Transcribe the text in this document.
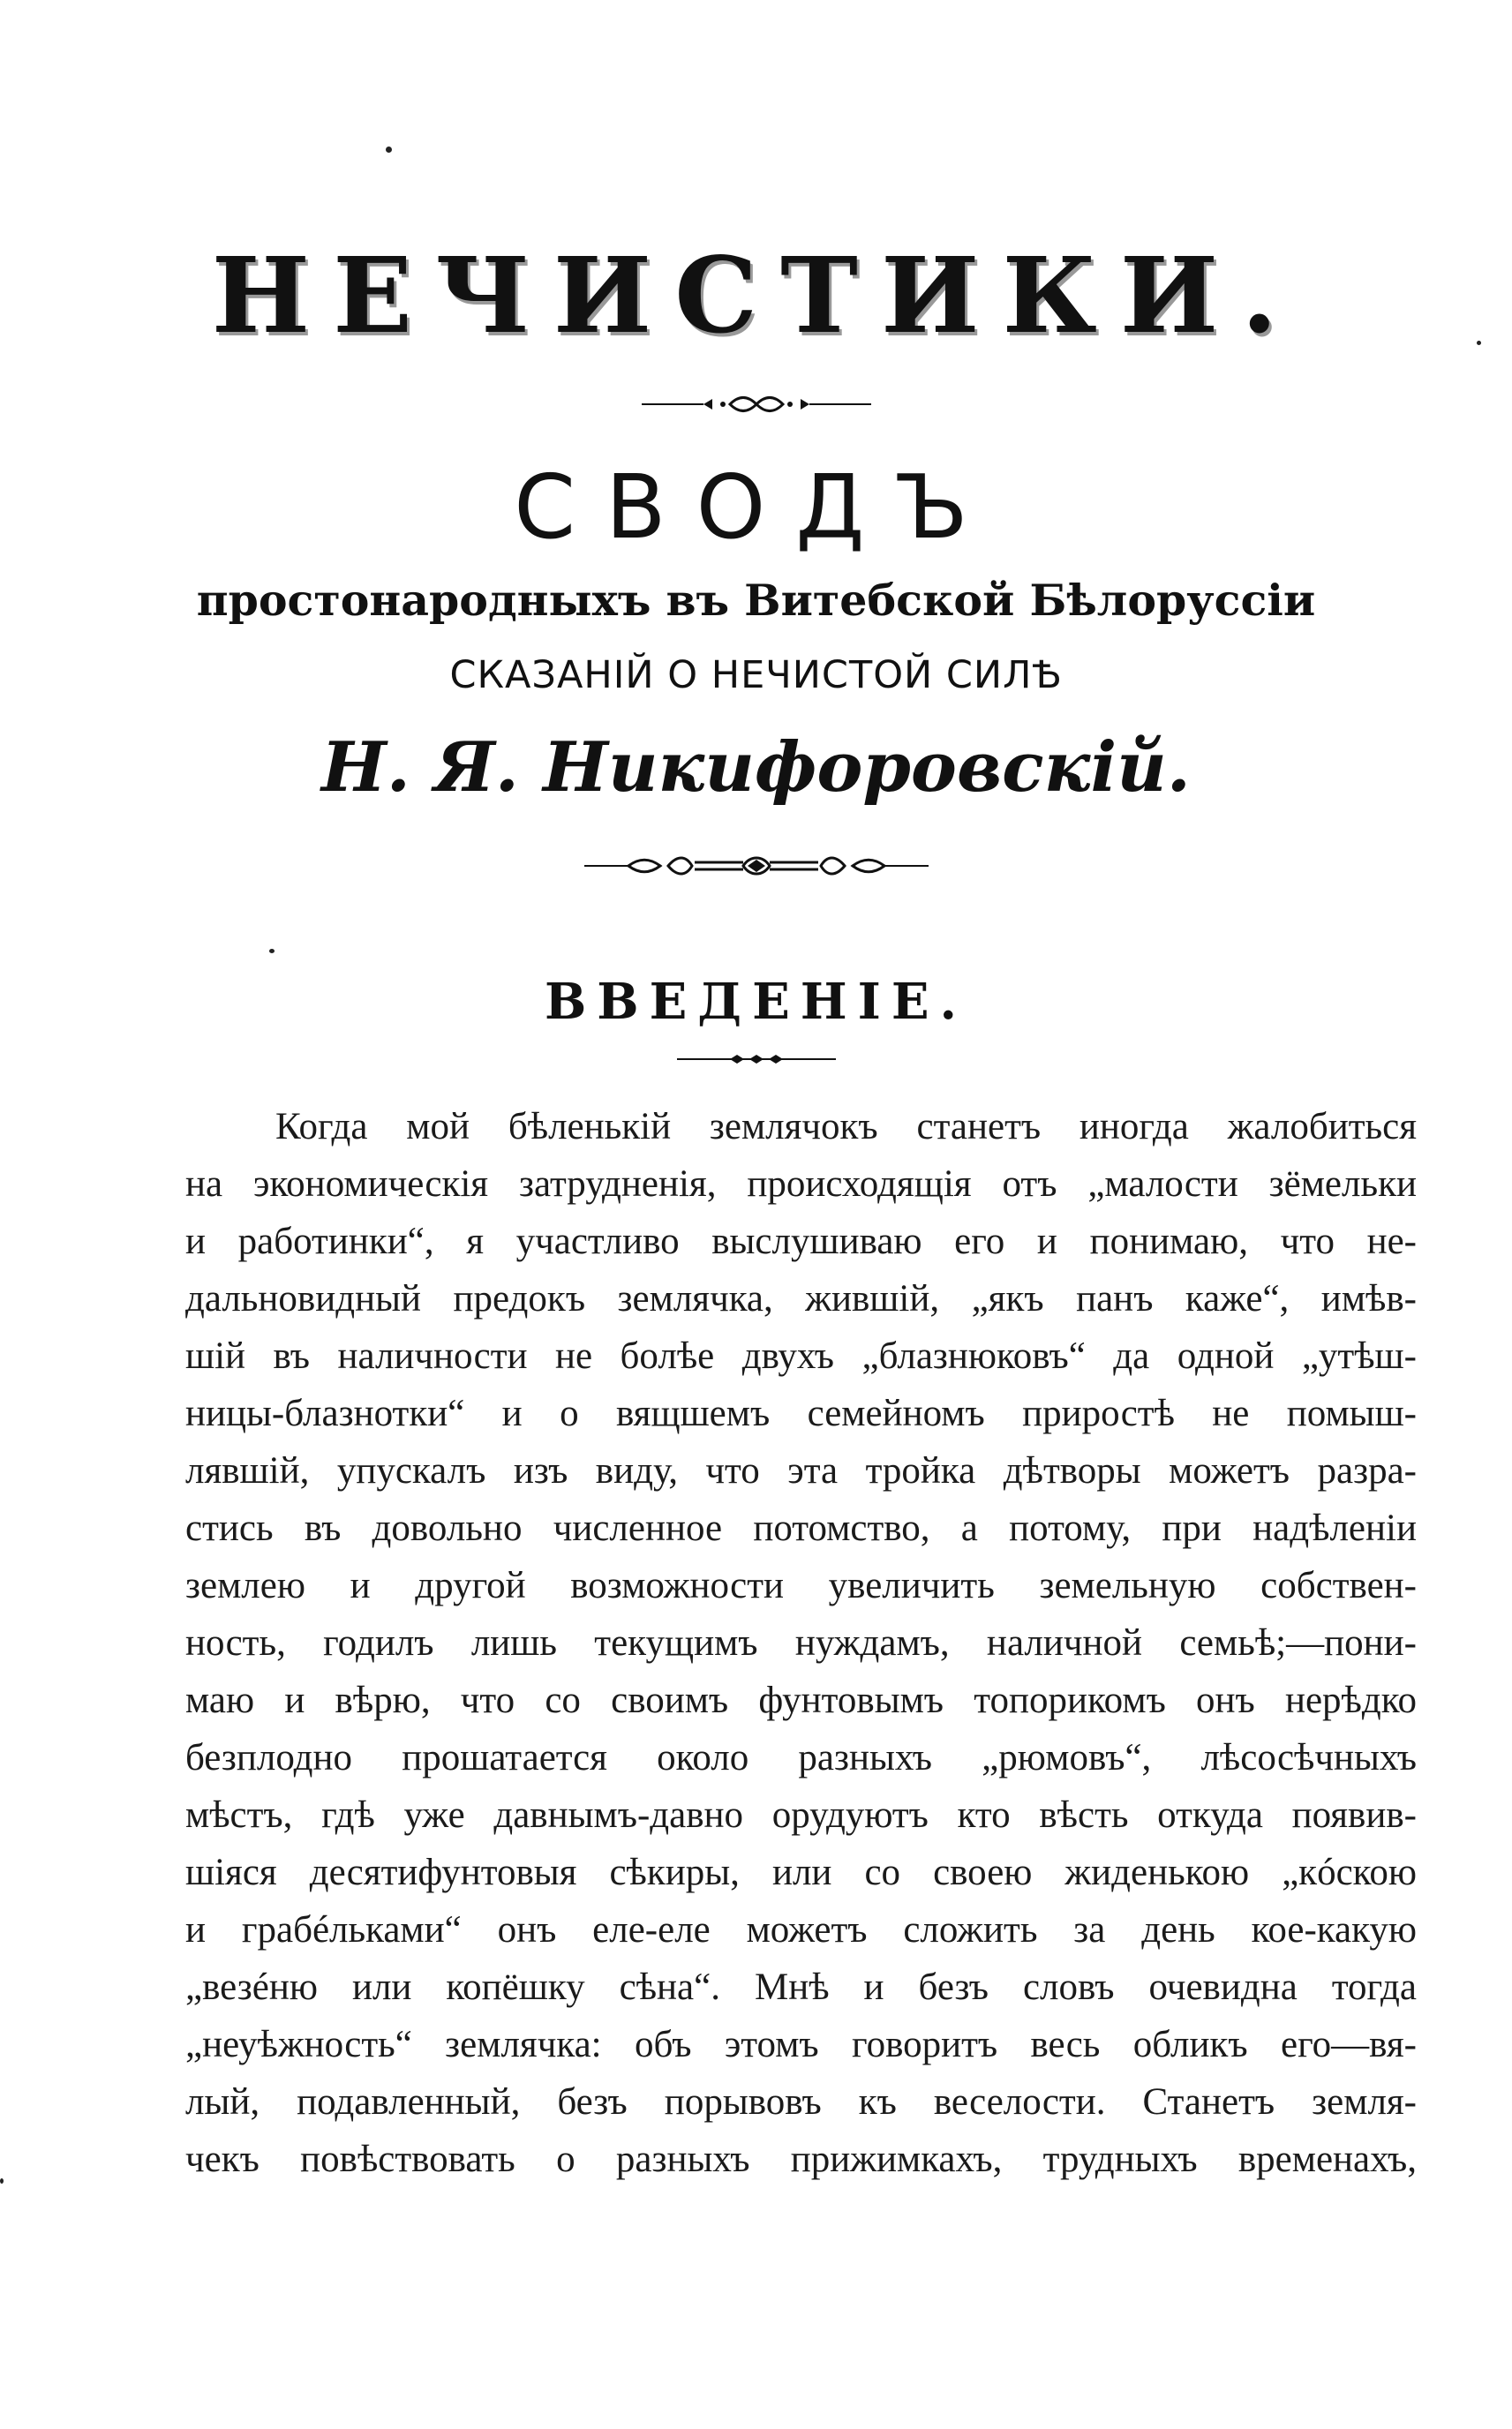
НЕЧИСТИКИ.
СВОДЪ
простонародныхъ въ Витебской Бѣлоруссіи
СКАЗАНІЙ О НЕЧИСТОЙ СИЛѢ
Н. Я. Никифоровскій.
ВВЕДЕНІЕ.
Когда мой бѣленькій землячокъ станетъ иногда жалобиться
на экономическія затрудненія, происходящія отъ „малости зёмельки
и работинки“, я участливо выслушиваю его и понимаю, что не-
дальновидный предокъ землячка, жившій, „якъ панъ каже“, имѣв-
шій въ наличности не болѣе двухъ „блазнюковъ“ да одной „утѣш-
ницы-блазнотки“ и о вящшемъ семейномъ приростѣ не помыш-
лявшій, упускалъ изъ виду, что эта тройка дѣтворы можетъ разра-
стись въ довольно численное потомство, а потому, при надѣленіи
землею и другой возможности увеличить земельную собствен-
ность, годилъ лишь текущимъ нуждамъ, наличной семьѣ;—пони-
маю и вѣрю, что со своимъ фунтовымъ топорикомъ онъ нерѣдко
безплодно прошатается около разныхъ „рюмовъ“, лѣсосѣчныхъ
мѣстъ, гдѣ уже давнымъ-давно орудуютъ кто вѣсть откуда появив-
шіяся десятифунтовыя сѣкиры, или со своею жиденькою „кóскою
и грабéльками“ онъ еле-еле можетъ сложить за день кое-какую
„везéню или копёшку сѣна“. Мнѣ и безъ словъ очевидна тогда
„неуѣжность“ землячка: объ этомъ говоритъ весь обликъ его—вя-
лый, подавленный, безъ порывовъ къ веселости. Станетъ земля-
чекъ повѣствовать о разныхъ прижимкахъ, трудныхъ временахъ,
